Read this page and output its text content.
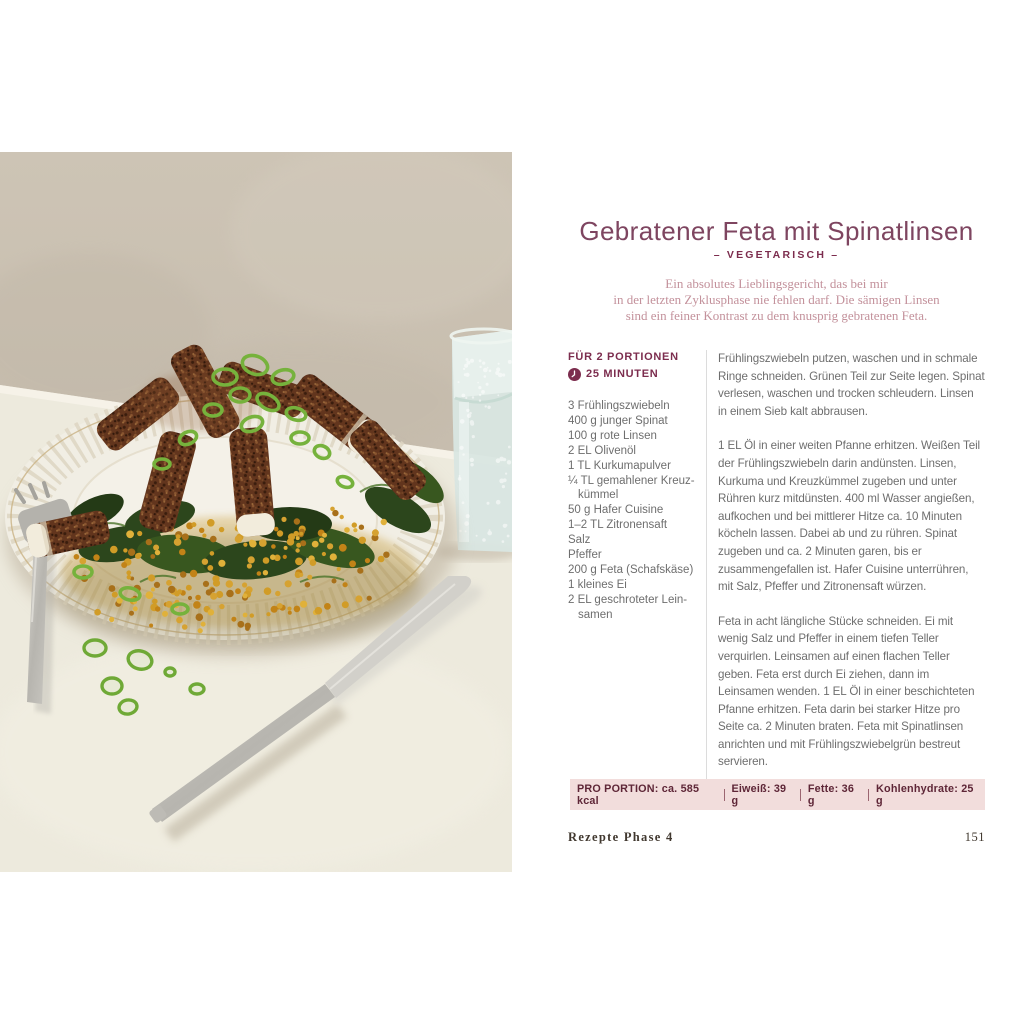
Gebratener Feta mit Spinatlinsen
– VEGETARISCH –
Ein absolutes Lieblingsgericht, das bei mir
in der letzten Zyklusphase nie fehlen darf. Die sämigen Linsen
sind ein feiner Kontrast zu dem knusprig gebratenen Feta.
FÜR 2 PORTIONEN
25 MINUTEN
3 Frühlingszwiebeln
400 g junger Spinat
100 g rote Linsen
2 EL Olivenöl
1 TL Kurkumapulver
¼ TL gemahlener Kreuz-
kümmel
50 g Hafer Cuisine
1–2 TL Zitronensaft
Salz
Pfeffer
200 g Feta (Schafskäse)
1 kleines Ei
2 EL geschroteter Lein-
samen

Frühlingszwiebeln putzen, waschen und in schmale Ringe schneiden. Grünen Teil zur Seite legen. Spinat verlesen, waschen und trocken schleudern. Linsen in einem Sieb kalt abbrausen.

1 EL Öl in einer weiten Pfanne erhitzen. Weißen Teil der Frühlingszwiebeln darin andünsten. Linsen, Kurkuma und Kreuzkümmel zugeben und unter Rühren kurz mitdünsten. 400 ml Wasser angießen, aufkochen und bei mittlerer Hitze ca. 10 Minuten köcheln lassen. Dabei ab und zu rühren. Spinat zugeben und ca. 2 Minuten garen, bis er zusammengefallen ist. Hafer Cuisine unterrühren, mit Salz, Pfeffer und Zitronensaft würzen.

Feta in acht längliche Stücke schneiden. Ei mit wenig Salz und Pfeffer in einem tiefen Teller verquirlen. Leinsamen auf einen flachen Teller geben. Feta erst durch Ei ziehen, dann im Leinsamen wenden. 1 EL Öl in einer beschichteten Pfanne erhitzen. Feta darin bei starker Hitze pro Seite ca. 2 Minuten braten. Feta mit Spinatlinsen anrichten und mit Frühlingszwiebelgrün bestreut servieren.

PRO PORTION: ca. 585 kcal
Eiweiß: 39 g
Fette: 36 g
Kohlenhydrate: 25 g
Rezepte Phase 4	151
